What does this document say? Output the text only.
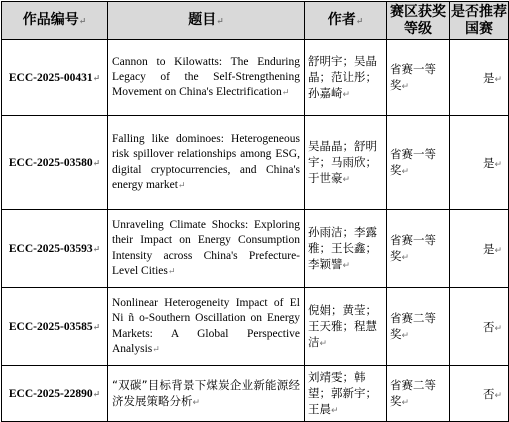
作品编号↵	题目↵	作者↵	赛区获奖等级	是否推荐国赛
ECC-2025-00431↵	Cannon to Kilowatts: The Enduring Legacy of the Self-Strengthening Movement on China's Electrification↵	舒明宇；吴晶晶；范让彤；孙嘉崎↵	省赛一等奖↵	是↵
ECC-2025-03580↵	Falling like dominoes: Heterogeneous risk spillover relationships among ESG, digital cryptocurrencies, and China's energy market↵	吴晶晶；舒明宇；马雨欣；于世豪↵	省赛一等奖↵	是↵
ECC-2025-03593↵	Unraveling Climate Shocks: Exploring their Impact on Energy Consumption Intensity across China's Prefecture-Level Cities↵	孙雨洁；李露雅；王长鑫；李颖譬↵	省赛一等奖↵	是↵
ECC-2025-03585↵	Nonlinear Heterogeneity Impact of El Ni ñ o-Southern Oscillation on Energy Markets: A Global Perspective Analysis↵	倪娟；黄莹；王天雅；程慧洁↵	省赛二等奖↵	否↵
ECC-2025-22890↵	“双碳”目标背景下煤炭企业新能源经济发展策略分析↵	刘靖雯；韩望；郭新宇；王晨↵	省赛二等奖↵	否↵
